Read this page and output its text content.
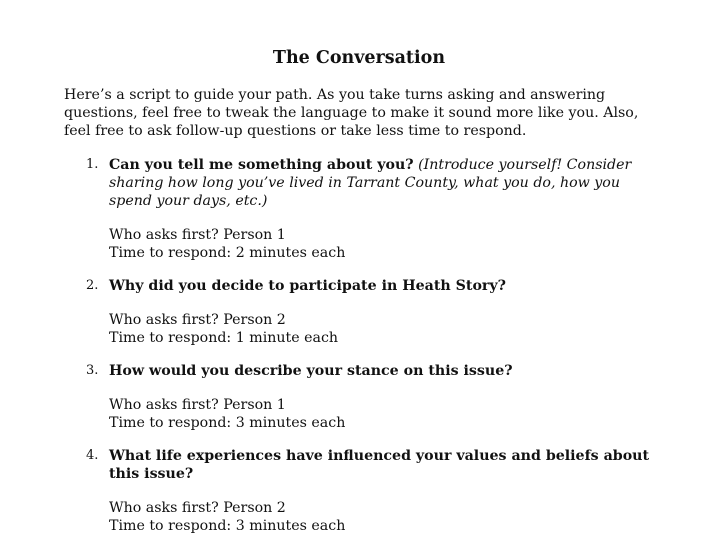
The Conversation

Here’s a script to guide your path. As you take turns asking and answering questions, feel free to tweak the language to make it sound more like you. Also, feel free to ask follow-up questions or take less time to respond.

1. Can you tell me something about you? (Introduce yourself! Consider sharing how long you’ve lived in Tarrant County, what you do, how you spend your days, etc.)

Who asks first? Person 1

Time to respond: 2 minutes each

2. Why did you decide to participate in Heath Story?

Who asks first? Person 2

Time to respond: 1 minute each

3. How would you describe your stance on this issue?

Who asks first? Person 1

Time to respond: 3 minutes each

4. What life experiences have influenced your values and beliefs about this issue?

Who asks first? Person 2

Time to respond: 3 minutes each
